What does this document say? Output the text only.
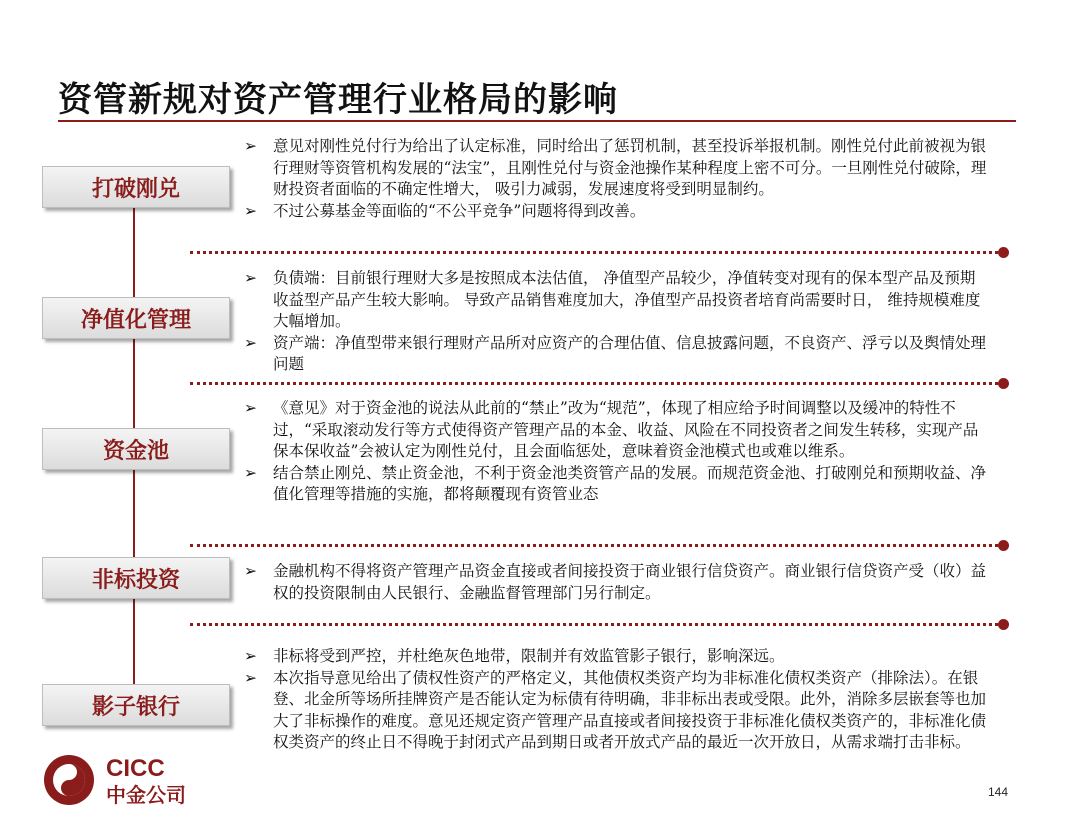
资管新规对资产管理行业格局的影响
打破刚兑
➢	意见对刚性兑付行为给出了认定标准，同时给出了惩罚机制，甚至投诉举报机制。刚性兑付此前被视为银行理财等资管机构发展的“法宝”，且刚性兑付与资金池操作某种程度上密不可分。一旦刚性兑付破除，理财投资者面临的不确定性增大， 吸引力减弱，发展速度将受到明显制约。
➢	不过公募基金等面临的“不公平竞争”问题将得到改善。
净值化管理
➢	负债端：目前银行理财大多是按照成本法估值， 净值型产品较少，净值转变对现有的保本型产品及预期收益型产品产生较大影响。 导致产品销售难度加大，净值型产品投资者培育尚需要时日， 维持规模难度大幅增加。
➢	资产端：净值型带来银行理财产品所对应资产的合理估值、信息披露问题，不良资产、浮亏以及舆情处理问题
资金池
➢	《意见》对于资金池的说法从此前的“禁止”改为“规范”，体现了相应给予时间调整以及缓冲的特性不过，“采取滚动发行等方式使得资产管理产品的本金、收益、风险在不同投资者之间发生转移，实现产品保本保收益”会被认定为刚性兑付，且会面临惩处，意味着资金池模式也或难以维系。
➢	结合禁止刚兑、禁止资金池，不利于资金池类资管产品的发展。而规范资金池、打破刚兑和预期收益、净值化管理等措施的实施，都将颠覆现有资管业态
非标投资	➢	金融机构不得将资产管理产品资金直接或者间接投资于商业银行信贷资产。商业银行信贷资产受（收）益权的投资限制由人民银行、金融监督管理部门另行制定。
影子银行
➢	非标将受到严控，并杜绝灰色地带，限制并有效监管影子银行，影响深远。
➢	本次指导意见给出了债权性资产的严格定义，其他债权类资产均为非标准化债权类资产（排除法）。在银登、北金所等场所挂牌资产是否能认定为标债有待明确，非非标出表或受限。此外，消除多层嵌套等也加大了非标操作的难度。意见还规定资产管理产品直接或者间接投资于非标准化债权类资产的，非标准化债权类资产的终止日不得晚于封闭式产品到期日或者开放式产品的最近一次开放日，从需求端打击非标。
CICC
中金公司	144
